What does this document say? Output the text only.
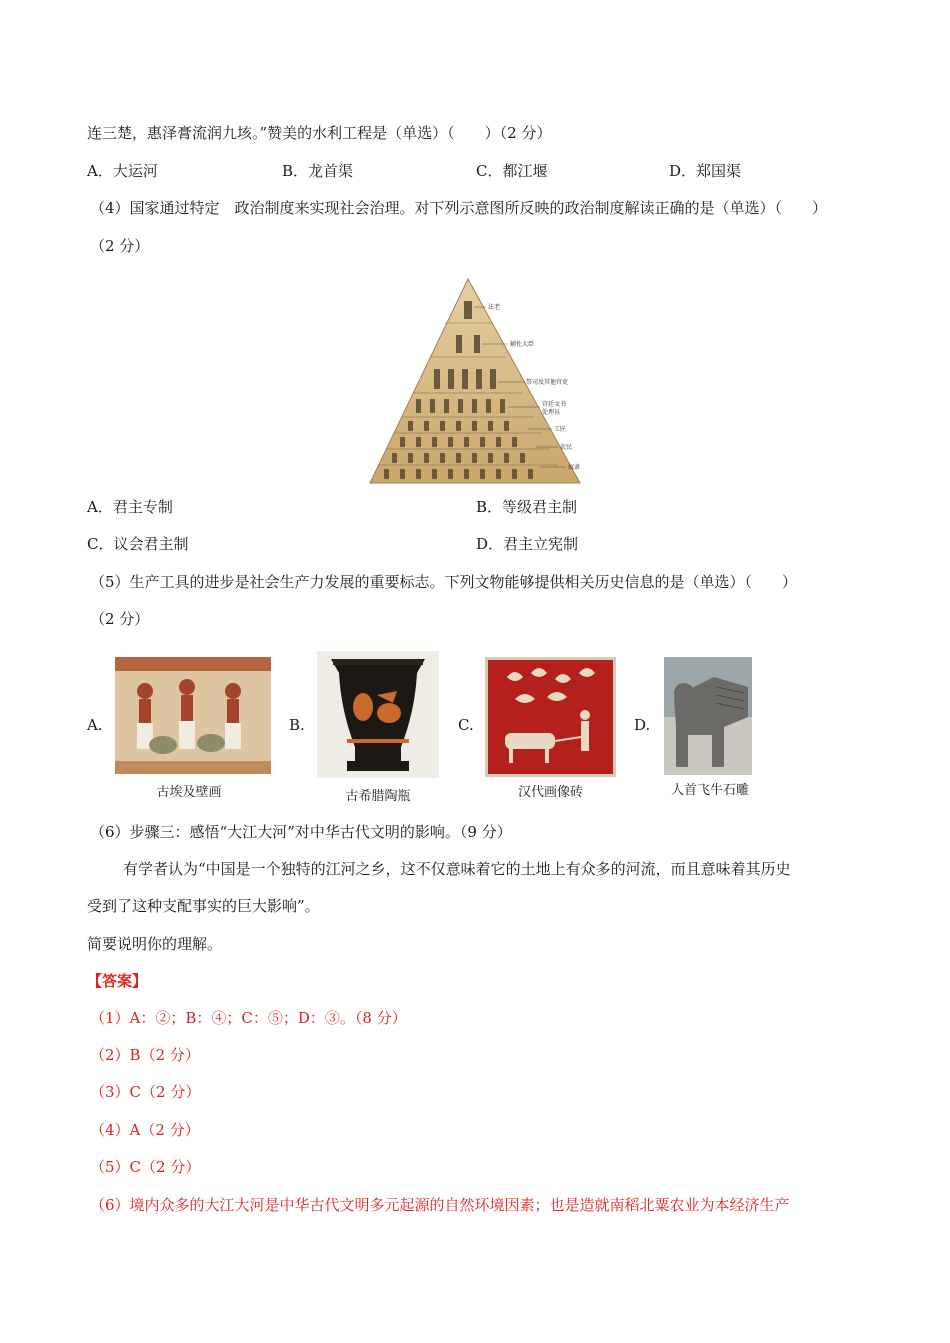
连三楚，惠泽膏流润九垓。”赞美的水利工程是（单选）（　　）（2 分）
A．大运河	B．龙首渠	C．都江堰	D．郑国渠
（4）国家通过特定　政治制度来实现社会治理。对下列示意图所反映的政治制度解读正确的是（单选）（　　）
（2 分）
法老
辅佐大臣
祭司及其他官吏
宫廷文书
处理员
工匠
农民
奴隶
A．君主专制	B．等级君主制
C．议会君主制	D．君主立宪制
（5）生产工具的进步是社会生产力发展的重要标志。下列文物能够提供相关历史信息的是（单选）（　　）
（2 分）
A.
古埃及壁画
B.
古希腊陶瓶
C.
汉代画像砖
D.
人首飞牛石雕
（6）步骤三：感悟“大江大河”对中华古代文明的影响。（9 分）
有学者认为“中国是一个独特的江河之乡，这不仅意味着它的土地上有众多的河流，而且意味着其历史
受到了这种支配事实的巨大影响”。
简要说明你的理解。
【答案】
（1）A：②；B：④；C：⑤；D：③。（8 分）
（2）B（2 分）
（3）C（2 分）
（4）A（2 分）
（5）C（2 分）
（6）境内众多的大江大河是中华古代文明多元起源的自然环境因素；也是造就南稻北粟农业为本经济生产
